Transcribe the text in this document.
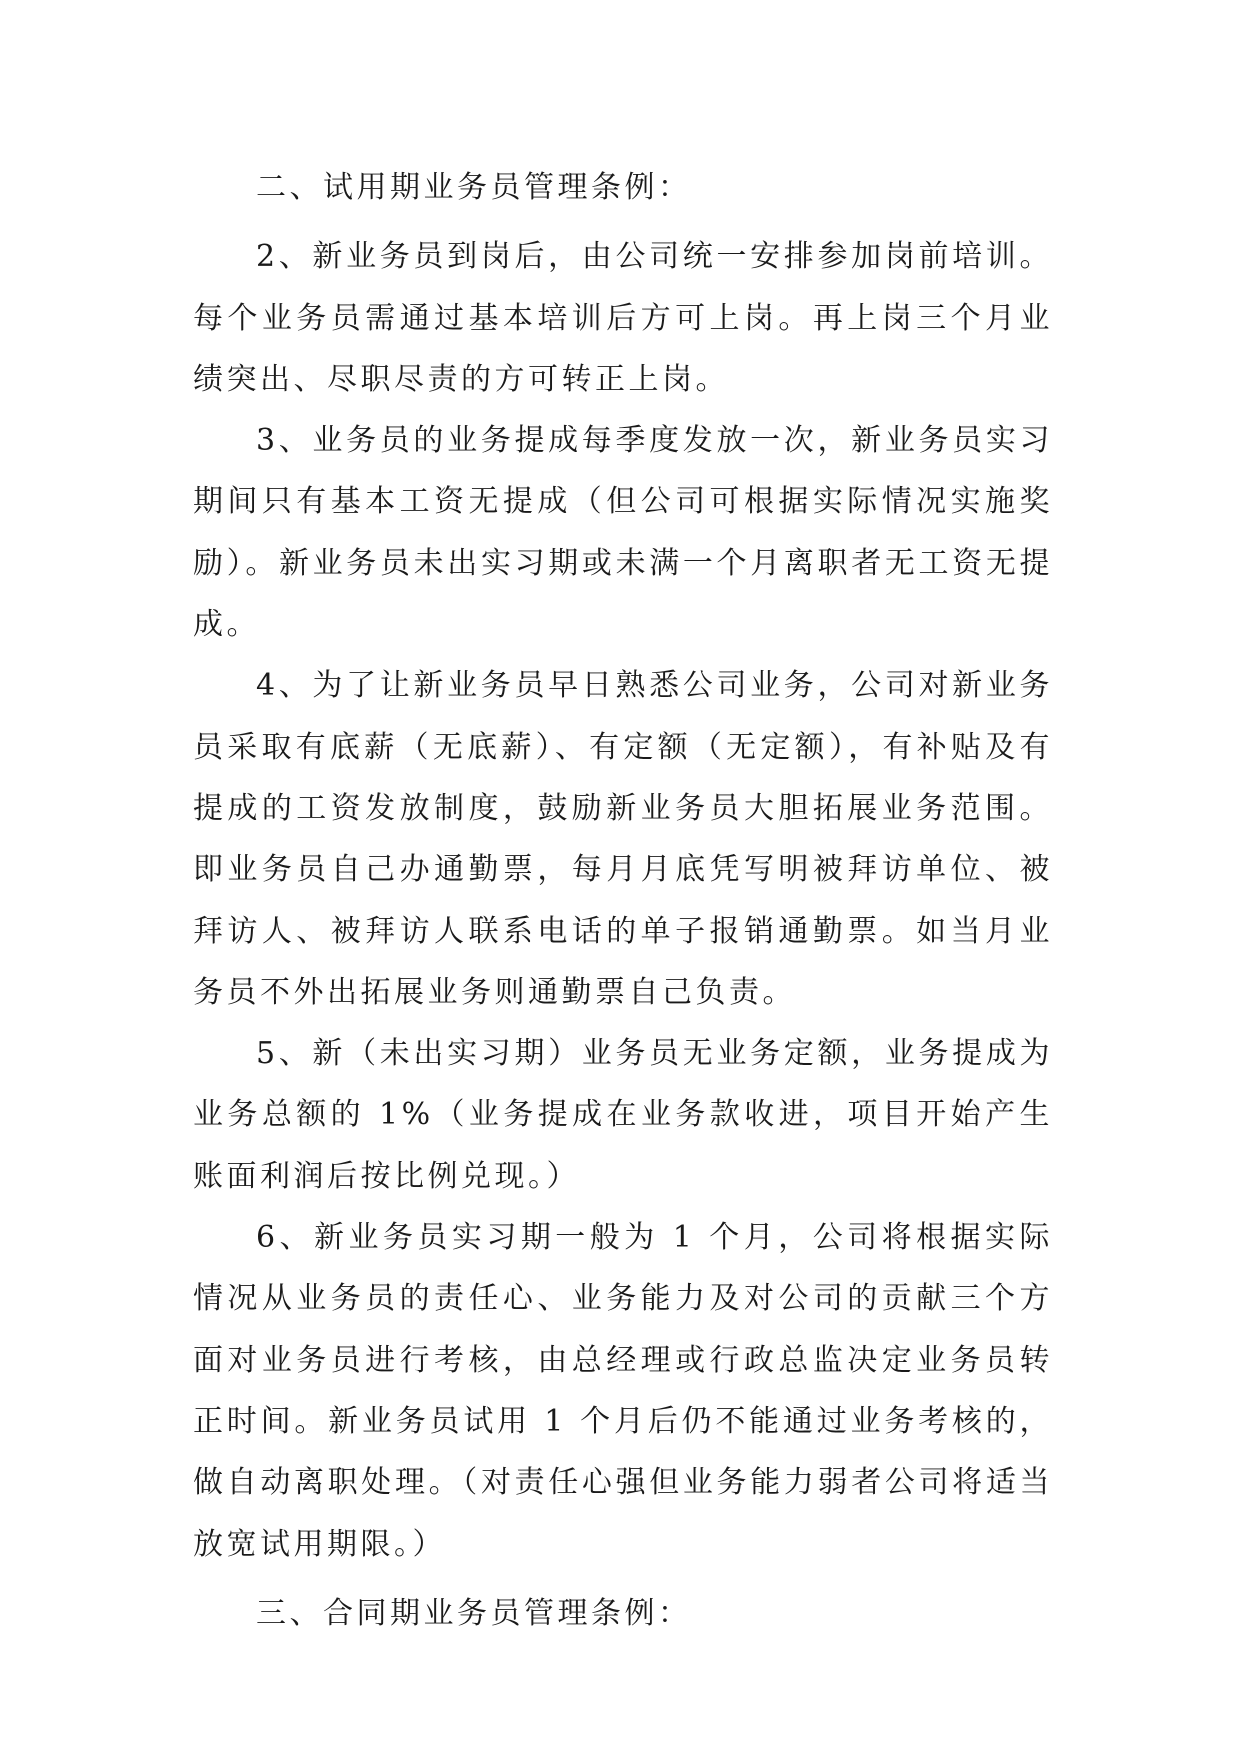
二、试用期业务员管理条例：

2、新业务员到岗后，由公司统一安排参加岗前培训。每个业务员需通过基本培训后方可上岗。再上岗三个月业绩突出、尽职尽责的方可转正上岗。

3、业务员的业务提成每季度发放一次，新业务员实习期间只有基本工资无提成（但公司可根据实际情况实施奖励）。新业务员未出实习期或未满一个月离职者无工资无提成。

4、为了让新业务员早日熟悉公司业务，公司对新业务员采取有底薪（无底薪）、有定额（无定额），有补贴及有提成的工资发放制度，鼓励新业务员大胆拓展业务范围。即业务员自己办通勤票，每月月底凭写明被拜访单位、被拜访人、被拜访人联系电话的单子报销通勤票。如当月业务员不外出拓展业务则通勤票自己负责。

5、新（未出实习期）业务员无业务定额，业务提成为业务总额的 1%（业务提成在业务款收进，项目开始产生账面利润后按比例兑现。）

6、新业务员实习期一般为 1 个月，公司将根据实际情况从业务员的责任心、业务能力及对公司的贡献三个方面对业务员进行考核，由总经理或行政总监决定业务员转正时间。新业务员试用 1 个月后仍不能通过业务考核的，做自动离职处理。（对责任心强但业务能力弱者公司将适当放宽试用期限。）

三、合同期业务员管理条例：
